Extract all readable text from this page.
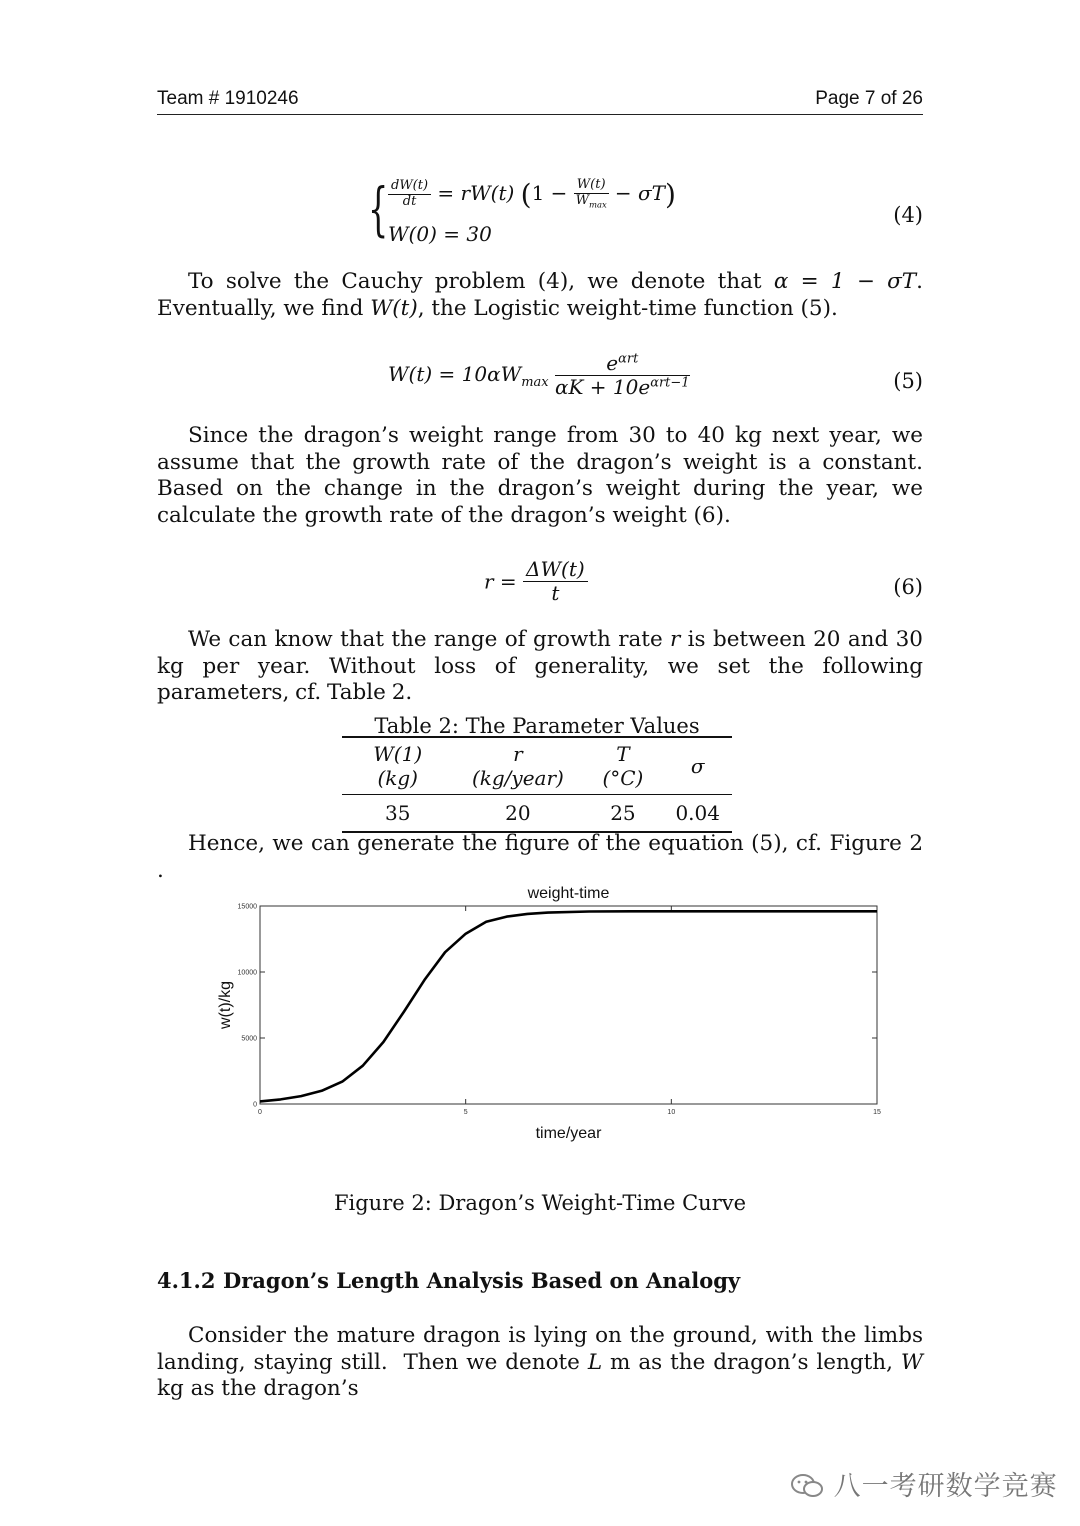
Team # 1910246	Page 7 of 26
{ $\frac{dW(t)}{dt} = rW(t) (1 - \frac{W(t)}{W_{max}} - \sigma T)$
W(0) = 30
(4)
To solve the Cauchy problem (4), we denote that α = 1 − σT. Eventually, we find W(t), the Logistic weight-time function (5).
$W(t) = 10\alpha W_{max} \frac{e^{\alpha rt}}{\alpha K + 10e^{\alpha rt-1}}$	(5)
Since the dragon’s weight range from 30 to 40 kg next year, we assume that the growth rate of the dragon’s weight is a constant. Based on the change in the dragon’s weight during the year, we calculate the growth rate of the dragon’s weight (6).
$r = \frac{\Delta W(t)}{t}$	(6)
We can know that the range of growth rate r is between 20 and 30 kg per year. Without loss of generality, we set the following parameters, cf. Table 2.
Table 2: The Parameter Values
W(1) (kg)	r (kg/year)	T (°C)	σ
35	20	25	0.04
Hence, we can generate the figure of the equation (5), cf. Figure 2 .
weight-time
time/year
w(t)/kg
0	5	10	15
0
5000
10000
15000
Figure 2: Dragon’s Weight-Time Curve
4.1.2 Dragon’s Length Analysis Based on Analogy
Consider the mature dragon is lying on the ground, with the limbs landing, staying still. Then we denote L m as the dragon’s length, W kg as the dragon’s
八一考研数学竞赛
